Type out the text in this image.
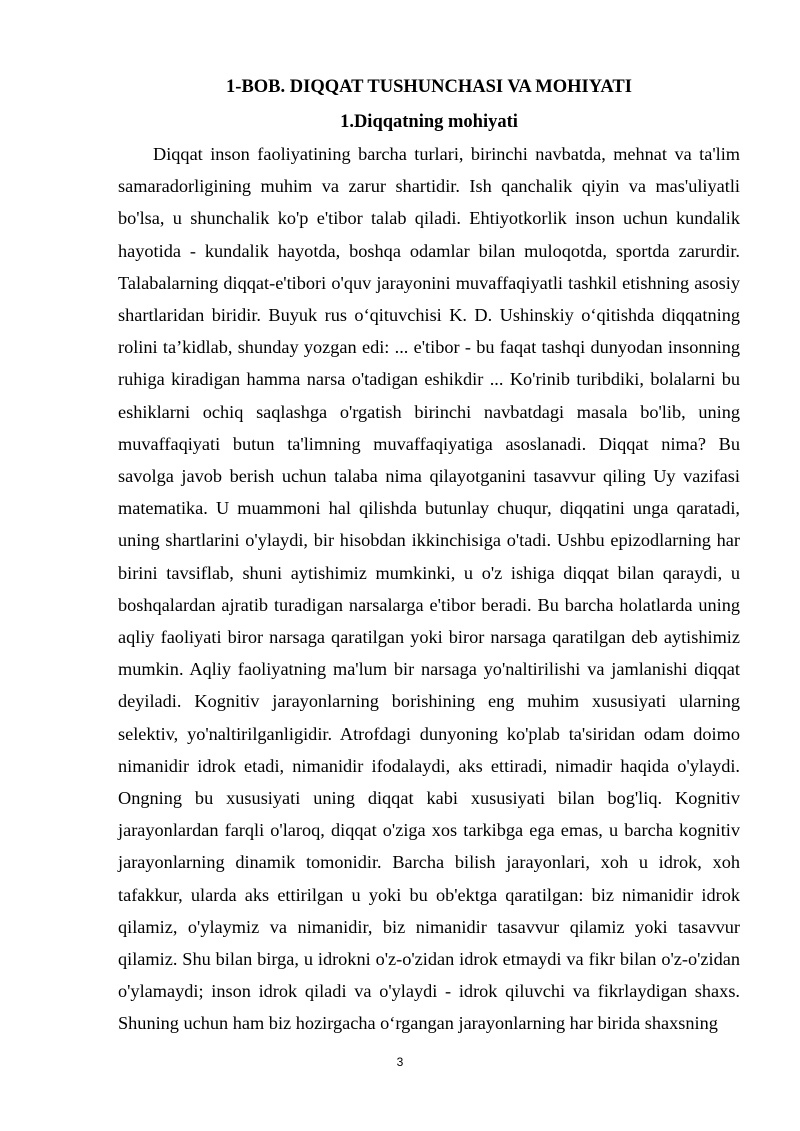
1-BOB. DIQQAT TUSHUNCHASI VA MOHIYATI
1.Diqqatning mohiyati

Diqqat inson faoliyatining barcha turlari, birinchi navbatda, mehnat va ta'lim samaradorligining muhim va zarur shartidir. Ish qanchalik qiyin va mas'uliyatli bo'lsa, u shunchalik ko'p e'tibor talab qiladi. Ehtiyotkorlik inson uchun kundalik hayotida - kundalik hayotda, boshqa odamlar bilan muloqotda, sportda zarurdir. Talabalarning diqqat-e'tibori o'quv jarayonini muvaffaqiyatli tashkil etishning asosiy shartlaridan biridir. Buyuk rus o‘qituvchisi K. D. Ushinskiy o‘qitishda diqqatning rolini ta’kidlab, shunday yozgan edi: ... e'tibor - bu faqat tashqi dunyodan insonning ruhiga kiradigan hamma narsa o'tadigan eshikdir ... Ko'rinib turibdiki, bolalarni bu eshiklarni ochiq saqlashga o'rgatish birinchi navbatdagi masala bo'lib, uning muvaffaqiyati butun ta'limning muvaffaqiyatiga asoslanadi. Diqqat nima? Bu savolga javob berish uchun talaba nima qilayotganini tasavvur qiling Uy vazifasi matematika. U muammoni hal qilishda butunlay chuqur, diqqatini unga qaratadi, uning shartlarini o'ylaydi, bir hisobdan ikkinchisiga o'tadi. Ushbu epizodlarning har birini tavsiflab, shuni aytishimiz mumkinki, u o'z ishiga diqqat bilan qaraydi, u boshqalardan ajratib turadigan narsalarga e'tibor beradi. Bu barcha holatlarda uning aqliy faoliyati biror narsaga qaratilgan yoki biror narsaga qaratilgan deb aytishimiz mumkin. Aqliy faoliyatning ma'lum bir narsaga yo'naltirilishi va jamlanishi diqqat deyiladi. Kognitiv jarayonlarning borishining eng muhim xususiyati ularning selektiv, yo'naltirilganligidir. Atrofdagi dunyoning ko'plab ta'siridan odam doimo nimanidir idrok etadi, nimanidir ifodalaydi, aks ettiradi, nimadir haqida o'ylaydi. Ongning bu xususiyati uning diqqat kabi xususiyati bilan bog'liq. Kognitiv jarayonlardan farqli o'laroq, diqqat o'ziga xos tarkibga ega emas, u barcha kognitiv jarayonlarning dinamik tomonidir. Barcha bilish jarayonlari, xoh u idrok, xoh tafakkur, ularda aks ettirilgan u yoki bu ob'ektga qaratilgan: biz nimanidir idrok qilamiz, o'ylaymiz va nimanidir, biz nimanidir tasavvur qilamiz yoki tasavvur qilamiz. Shu bilan birga, u idrokni o'z-o'zidan idrok etmaydi va fikr bilan o'z-o'zidan o'ylamaydi; inson idrok qiladi va o'ylaydi - idrok qiluvchi va fikrlaydigan shaxs. Shuning uchun ham biz hozirgacha o‘rgangan jarayonlarning har birida shaxsning

3
